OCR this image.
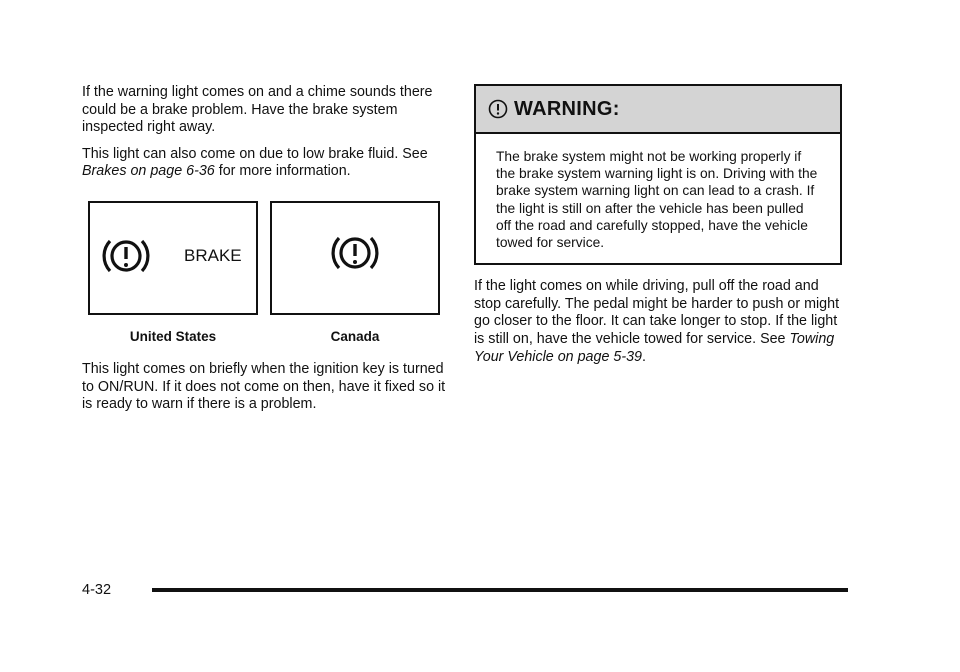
If the warning light comes on and a chime sounds there could be a brake problem. Have the brake system inspected right away.

This light can also come on due to low brake fluid. See Brakes on page 6-36 for more information.

BRAKE
United States	Canada

This light comes on briefly when the ignition key is turned to ON/RUN. If it does not come on then, have it fixed so it is ready to warn if there is a problem.

WARNING:

The brake system might not be working properly if the brake system warning light is on. Driving with the brake system warning light on can lead to a crash. If the light is still on after the vehicle has been pulled off the road and carefully stopped, have the vehicle towed for service.

If the light comes on while driving, pull off the road and stop carefully. The pedal might be harder to push or might go closer to the floor. It can take longer to stop. If the light is still on, have the vehicle towed for service. See Towing Your Vehicle on page 5-39.

4-32
